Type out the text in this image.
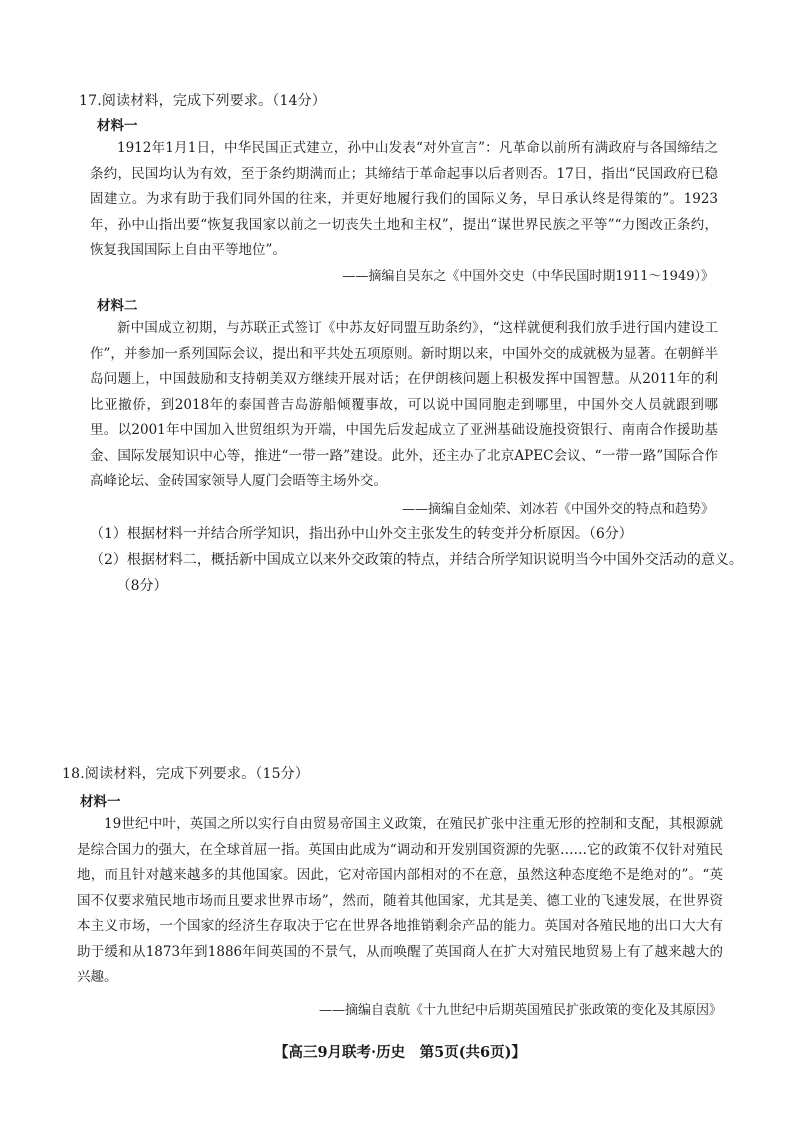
17.阅读材料，完成下列要求。（14分）
材料一

1912年1月1日，中华民国正式建立，孙中山发表“对外宣言”：凡革命以前所有满政府与各国缔结之条约，民国均认为有效，至于条约期满而止；其缔结于革命起事以后者则否。17日，指出“民国政府已稳固建立。为求有助于我们同外国的往来，并更好地履行我们的国际义务，早日承认终是得策的”。1923年，孙中山指出要“恢复我国家以前之一切丧失土地和主权”，提出“谋世界民族之平等”“力图改正条约，恢复我国国际上自由平等地位”。

——摘编自吴东之《中国外交史（中华民国时期1911～1949）》
材料二

新中国成立初期，与苏联正式签订《中苏友好同盟互助条约》，“这样就便利我们放手进行国内建设工作”，并参加一系列国际会议，提出和平共处五项原则。新时期以来，中国外交的成就极为显著。在朝鲜半岛问题上，中国鼓励和支持朝美双方继续开展对话；在伊朗核问题上积极发挥中国智慧。从2011年的利比亚撤侨，到2018年的泰国普吉岛游船倾覆事故，可以说中国同胞走到哪里，中国外交人员就跟到哪里。以2001年中国加入世贸组织为开端，中国先后发起成立了亚洲基础设施投资银行、南南合作援助基金、国际发展知识中心等，推进“一带一路”建设。此外，还主办了北京APEC会议、“一带一路”国际合作高峰论坛、金砖国家领导人厦门会晤等主场外交。

——摘编自金灿荣、刘冰若《中国外交的特点和趋势》

（1）根据材料一并结合所学知识，指出孙中山外交主张发生的转变并分析原因。（6分）

（2）根据材料二，概括新中国成立以来外交政策的特点，并结合所学知识说明当今中国外交活动的意义。（8分）

18.阅读材料，完成下列要求。（15分）
材料一

19世纪中叶，英国之所以实行自由贸易帝国主义政策，在殖民扩张中注重无形的控制和支配，其根源就是综合国力的强大，在全球首屈一指。英国由此成为“调动和开发别国资源的先驱……它的政策不仅针对殖民地，而且针对越来越多的其他国家。因此，它对帝国内部相对的不在意，虽然这种态度绝不是绝对的”。“英国不仅要求殖民地市场而且要求世界市场”，然而，随着其他国家，尤其是美、德工业的飞速发展，在世界资本主义市场，一个国家的经济生存取决于它在世界各地推销剩余产品的能力。英国对各殖民地的出口大大有助于缓和从1873年到1886年间英国的不景气，从而唤醒了英国商人在扩大对殖民地贸易上有了越来越大的兴趣。

——摘编自袁航《十九世纪中后期英国殖民扩张政策的变化及其原因》
【高三9月联考·历史　第5页(共6页)】
